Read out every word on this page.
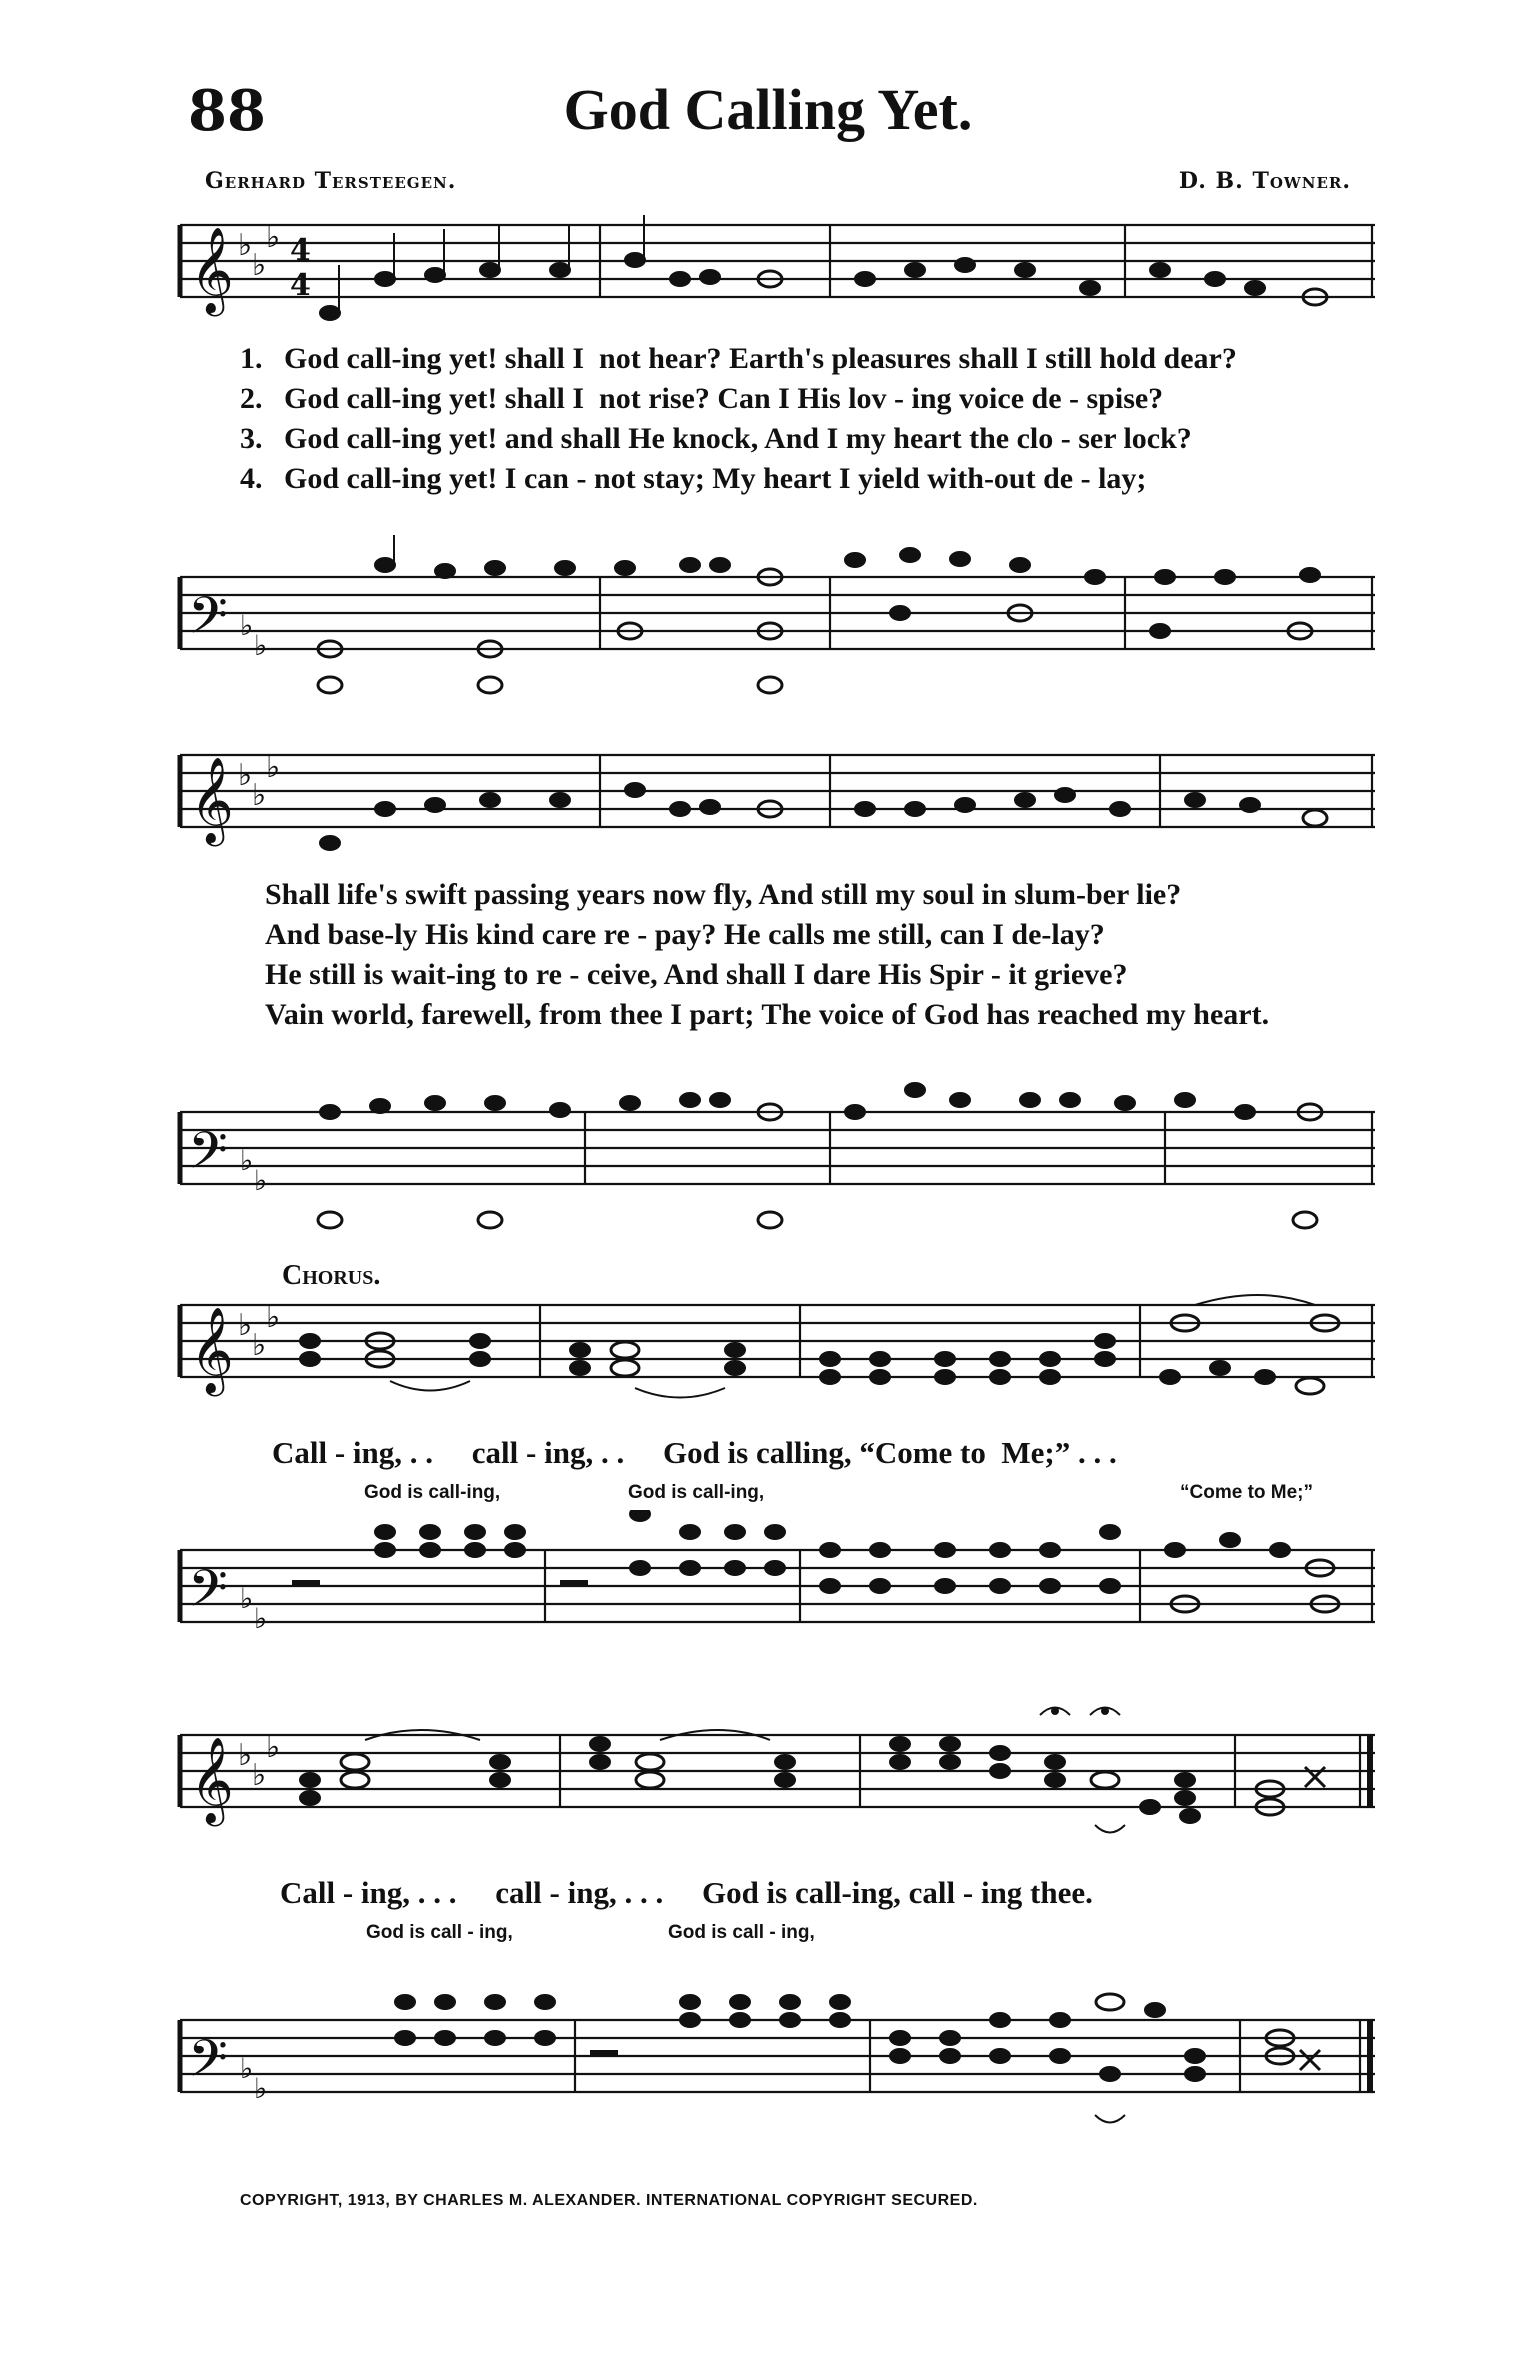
88	God Calling Yet.
Gerhard Tersteegen.	D. B. Towner.
𝄞 ♭
♭
♭ 4
4
1. God call-ing yet! shall I  not hear? Earth's pleasures shall I still hold dear?
2. God call-ing yet! shall I  not rise? Can I His lov - ing voice de - spise?
3. God call-ing yet! and shall He knock, And I my heart the clo - ser lock?
4. God call-ing yet! I can - not stay; My heart I yield with-out de - lay;
𝄢 ♭
♭
𝄞 ♭
♭
♭
Shall life's swift passing years now fly, And still my soul in slum-ber lie?
And base-ly His kind care re - pay? He calls me still, can I de-lay?
He still is wait-ing to re - ceive, And shall I dare His Spir - it grieve?
Vain world, farewell, from thee I part; The voice of God has reached my heart.
𝄢 ♭
♭
Chorus.
𝄞 ♭
♭
♭
Call - ing, . .     call - ing, . .     God is calling, “Come to  Me;” . . .
God is call-ing,	God is call-ing,	“Come to Me;”
𝄢 ♭
♭
𝄞 ♭
♭
♭
Call - ing, . . .     call - ing, . . .     God is call-ing, call - ing thee.
God is call - ing,	God is call - ing,
𝄢 ♭
♭
COPYRIGHT, 1913, BY CHARLES M. ALEXANDER. INTERNATIONAL COPYRIGHT SECURED.
